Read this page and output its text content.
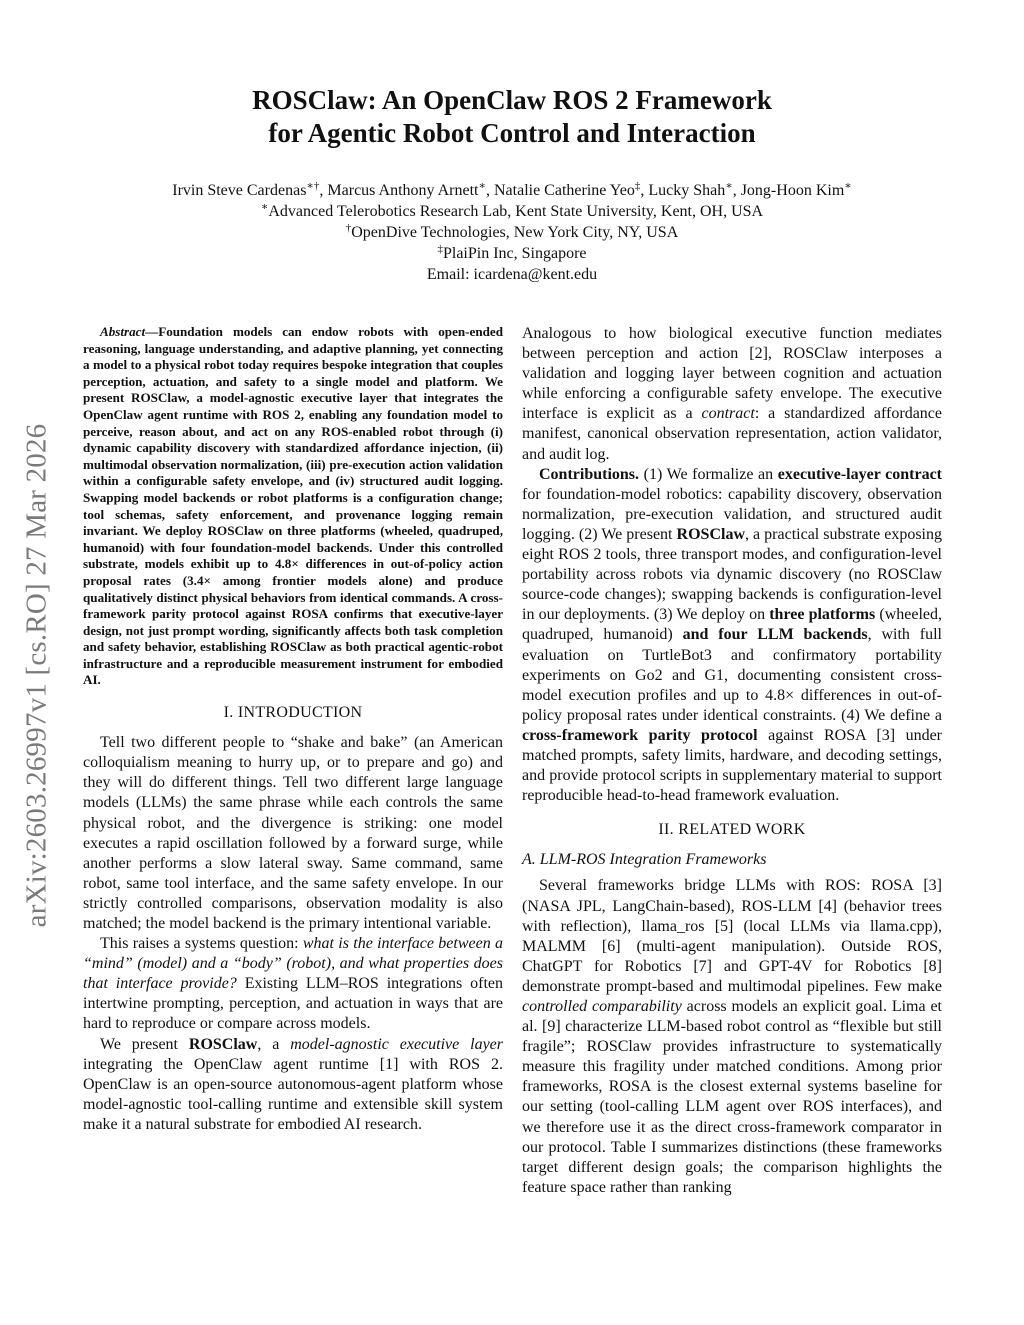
arXiv:2603.26997v1 [cs.RO] 27 Mar 2026
ROSClaw: An OpenClaw ROS 2 Framework
for Agentic Robot Control and Interaction
Irvin Steve Cardenas∗†, Marcus Anthony Arnett∗, Natalie Catherine Yeo‡, Lucky Shah∗, Jong-Hoon Kim∗
∗Advanced Telerobotics Research Lab, Kent State University, Kent, OH, USA
†OpenDive Technologies, New York City, NY, USA
‡PlaiPin Inc, Singapore
Email: icardena@kent.edu

Abstract—Foundation models can endow robots with open-ended reasoning, language understanding, and adaptive planning, yet connecting a model to a physical robot today requires bespoke integration that couples perception, actuation, and safety to a single model and platform. We present ROSClaw, a model-agnostic executive layer that integrates the OpenClaw agent runtime with ROS 2, enabling any foundation model to perceive, reason about, and act on any ROS-enabled robot through (i) dynamic capability discovery with standardized affordance injection, (ii) multimodal observation normalization, (iii) pre-execution action validation within a configurable safety envelope, and (iv) structured audit logging. Swapping model backends or robot platforms is a configuration change; tool schemas, safety enforcement, and provenance logging remain invariant. We deploy ROSClaw on three platforms (wheeled, quadruped, humanoid) with four foundation-model backends. Under this controlled substrate, models exhibit up to 4.8× differences in out-of-policy action proposal rates (3.4× among frontier models alone) and produce qualitatively distinct physical behaviors from identical commands. A cross-framework parity protocol against ROSA confirms that executive-layer design, not just prompt wording, significantly affects both task completion and safety behavior, establishing ROSClaw as both practical agentic-robot infrastructure and a reproducible measurement instrument for embodied AI.

I. INTRODUCTION

Tell two different people to “shake and bake” (an American colloquialism meaning to hurry up, or to prepare and go) and they will do different things. Tell two different large language models (LLMs) the same phrase while each controls the same physical robot, and the divergence is striking: one model executes a rapid oscillation followed by a forward surge, while another performs a slow lateral sway. Same command, same robot, same tool interface, and the same safety envelope. In our strictly controlled comparisons, observation modality is also matched; the model backend is the primary intentional variable.

This raises a systems question: what is the interface between a “mind” (model) and a “body” (robot), and what properties does that interface provide? Existing LLM–ROS integrations often intertwine prompting, perception, and actuation in ways that are hard to reproduce or compare across models.

We present ROSClaw, a model-agnostic executive layer integrating the OpenClaw agent runtime [1] with ROS 2. OpenClaw is an open-source autonomous-agent platform whose model-agnostic tool-calling runtime and extensible skill system make it a natural substrate for embodied AI research.

Analogous to how biological executive function mediates between perception and action [2], ROSClaw interposes a validation and logging layer between cognition and actuation while enforcing a configurable safety envelope. The executive interface is explicit as a contract: a standardized affordance manifest, canonical observation representation, action validator, and audit log.

Contributions. (1) We formalize an executive-layer contract for foundation-model robotics: capability discovery, observation normalization, pre-execution validation, and structured audit logging. (2) We present ROSClaw, a practical substrate exposing eight ROS 2 tools, three transport modes, and configuration-level portability across robots via dynamic discovery (no ROSClaw source-code changes); swapping backends is configuration-level in our deployments. (3) We deploy on three platforms (wheeled, quadruped, humanoid) and four LLM backends, with full evaluation on TurtleBot3 and confirmatory portability experiments on Go2 and G1, documenting consistent cross-model execution profiles and up to 4.8× differences in out-of-policy proposal rates under identical constraints. (4) We define a cross-framework parity protocol against ROSA [3] under matched prompts, safety limits, hardware, and decoding settings, and provide protocol scripts in supplementary material to support reproducible head-to-head framework evaluation.

II. RELATED WORK
A. LLM-ROS Integration Frameworks

Several frameworks bridge LLMs with ROS: ROSA [3] (NASA JPL, LangChain-based), ROS-LLM [4] (behavior trees with reflection), llama_ros [5] (local LLMs via llama.cpp), MALMM [6] (multi-agent manipulation). Outside ROS, ChatGPT for Robotics [7] and GPT-4V for Robotics [8] demonstrate prompt-based and multimodal pipelines. Few make controlled comparability across models an explicit goal. Lima et al. [9] characterize LLM-based robot control as “flexible but still fragile”; ROSClaw provides infrastructure to systematically measure this fragility under matched conditions. Among prior frameworks, ROSA is the closest external systems baseline for our setting (tool-calling LLM agent over ROS interfaces), and we therefore use it as the direct cross-framework comparator in our protocol. Table I summarizes distinctions (these frameworks target different design goals; the comparison highlights the feature space rather than ranking
